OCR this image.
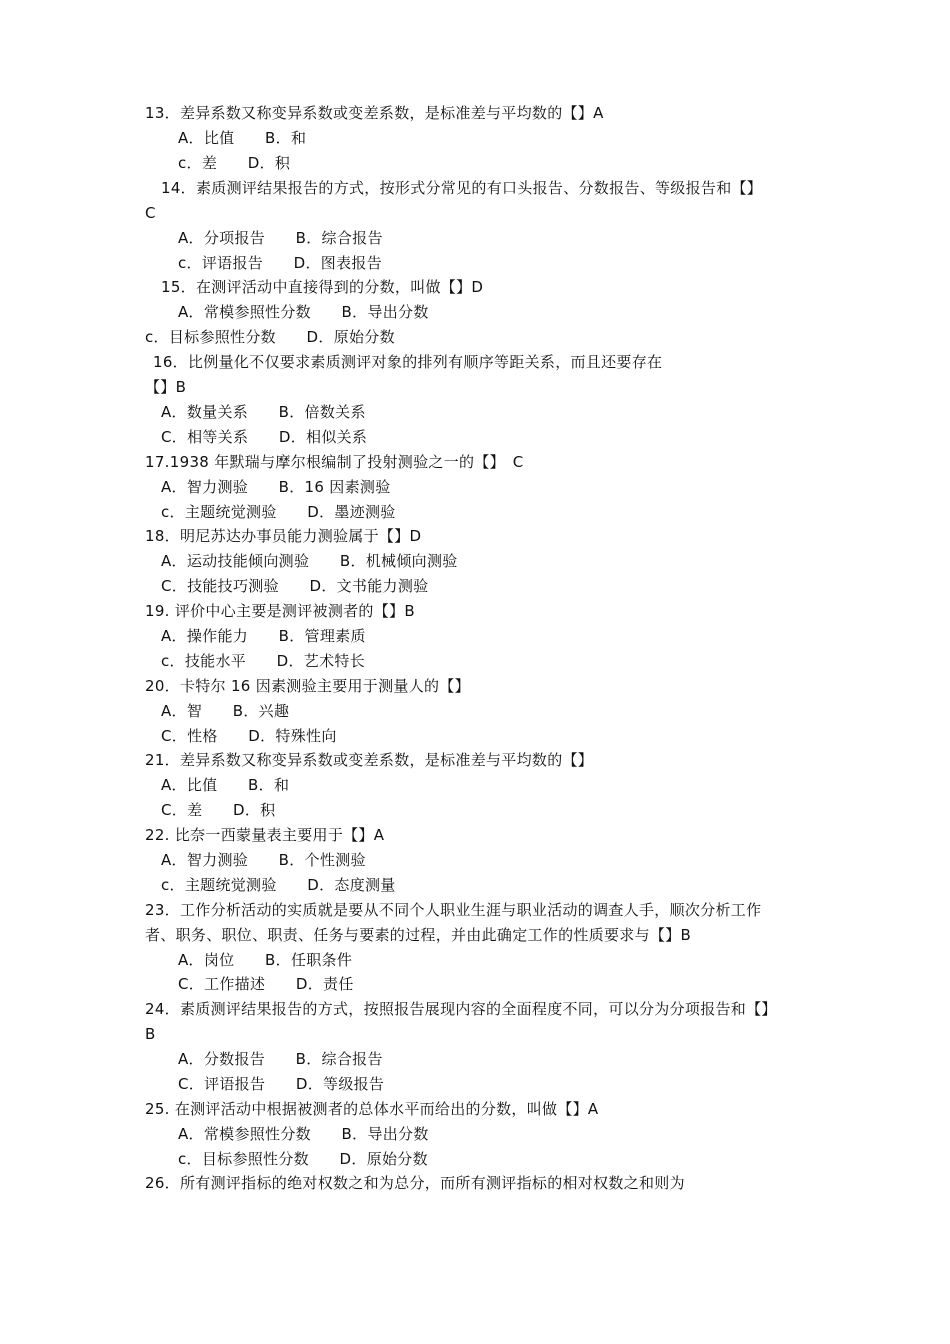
13．差异系数又称变异系数或变差系数，是标准差与平均数的【】A
A．比值　　B．和
c．差　　D．积
14．素质测评结果报告的方式，按形式分常见的有口头报告、分数报告、等级报告和【】
C
A．分项报告　　B．综合报告
c．评语报告　　D．图表报告
15．在测评活动中直接得到的分数，叫做【】D
A．常模参照性分数　　B．导出分数
c．目标参照性分数　　D．原始分数
16．比例量化不仅要求素质测评对象的排列有顺序等距关系，而且还要存在
【】B
A．数量关系　　B．倍数关系
C．相等关系　　D．相似关系
17.1938 年默瑞与摩尔根编制了投射测验之一的【】　C
A．智力测验　　B．16 因素测验
c．主题统觉测验　　D．墨迹测验
18．明尼苏达办事员能力测验属于【】D
A．运动技能倾向测验　　B．机械倾向测验
C．技能技巧测验　　D．文书能力测验
19. 评价中心主要是测评被测者的【】B
A．操作能力　　B．管理素质
c．技能水平　　D．艺术特长
20．卡特尔 16 因素测验主要用于测量人的【】
A．智　　B．兴趣
C．性格　　D．特殊性向
21．差异系数又称变异系数或变差系数，是标准差与平均数的【】
A．比值　　B．和
C．差　　D．积
22. 比奈一西蒙量表主要用于【】A
A．智力测验　　B．个性测验
c．主题统觉测验　　D．态度测量
23．工作分析活动的实质就是要从不同个人职业生涯与职业活动的调查人手，顺次分析工作
者、职务、职位、职责、任务与要素的过程，并由此确定工作的性质要求与【】B
A．岗位　　B．任职条件
C．工作描述　　D．责任
24．素质测评结果报告的方式，按照报告展现内容的全面程度不同，可以分为分项报告和【】
B
A．分数报告　　B．综合报告
C．评语报告　　D．等级报告
25. 在测评活动中根据被测者的总体水平而给出的分数，叫做【】A
A．常模参照性分数　　B．导出分数
c．目标参照性分数　　D．原始分数
26．所有测评指标的绝对权数之和为总分，而所有测评指标的相对权数之和则为
